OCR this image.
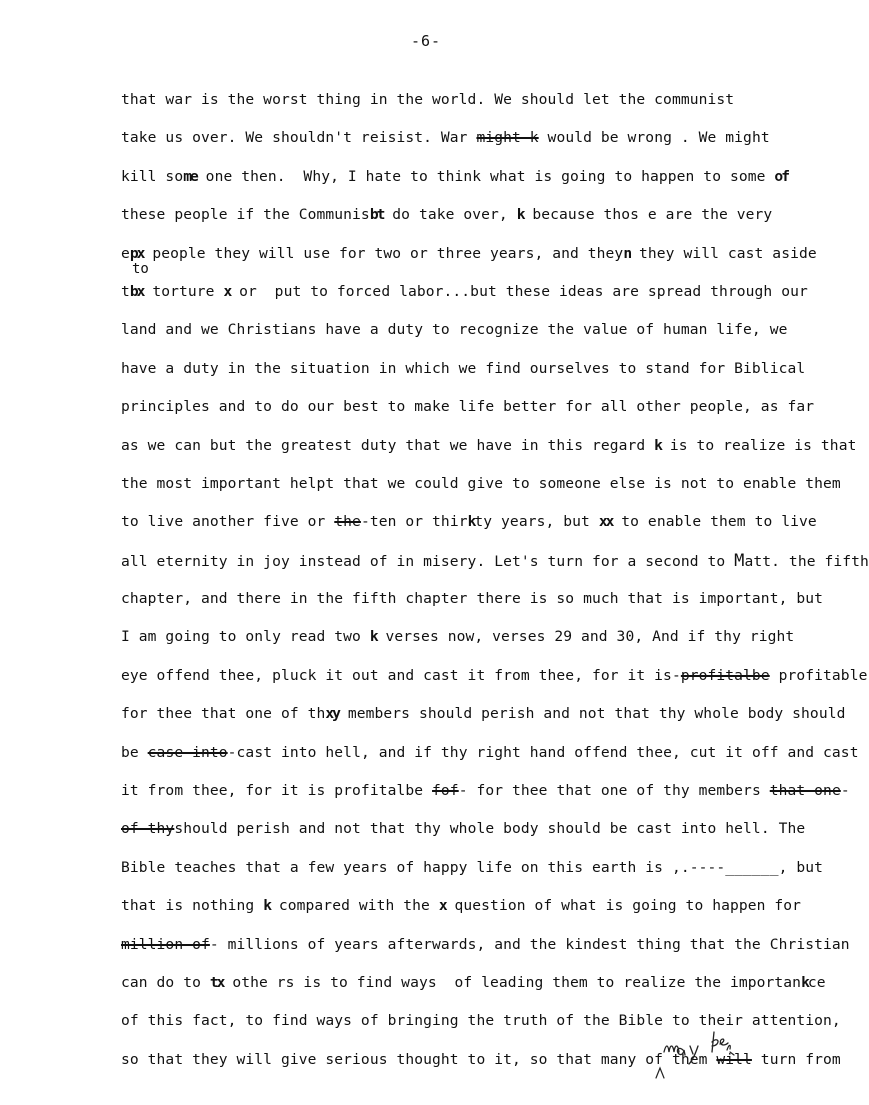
-6-
to
that war is the worst thing in the world. We should let the communist
take us over. We shouldn't reisist. War might k would be wrong . We might
kill some one then.  Why, I hate to think what is going to happen to some of
these people if the Communisbt do take over, k because thos e are the very
epx people they will use for two or three years, and theyn they will cast aside
tbx torture x or  put to forced labor...but these ideas are spread through our
land and we Christians have a duty to recognize the value of human life, we
have a duty in the situation in which we find ourselves to stand for Biblical
principles and to do our best to make life better for all other people, as far
as we can but the greatest duty that we have in this regard k is to realize is that
the most important helpt that we could give to someone else is not to enable them
to live another five or the-ten or thirkty years, but xx to enable them to live
all eternity in joy instead of in misery. Let's turn for a second to Matt. the fifth
chapter, and there in the fifth chapter there is so much that is important, but
I am going to only read two k verses now, verses 29 and 30, And if thy right
eye offend thee, pluck it out and cast it from thee, for it is-profitalbe profitable
for thee that one of thxy members should perish and not that thy whole body should
be case into-cast into hell, and if thy right hand offend thee, cut it off and cast
it from thee, for it is profitalbe fof- for thee that one of thy members that one-
of thyshould perish and not that thy whole body should be cast into hell. The
Bible teaches that a few years of happy life on this earth is ,.----______, but
that is nothing k compared with the x question of what is going to happen for
million of- millions of years afterwards, and the kindest thing that the Christian
can do to tx othe rs is to find ways  of leading them to realize the importankce
of this fact, to find ways of bringing the truth of the Bible to their attention,
so that they will give serious thought to it, so that many of them will turn from
may be
